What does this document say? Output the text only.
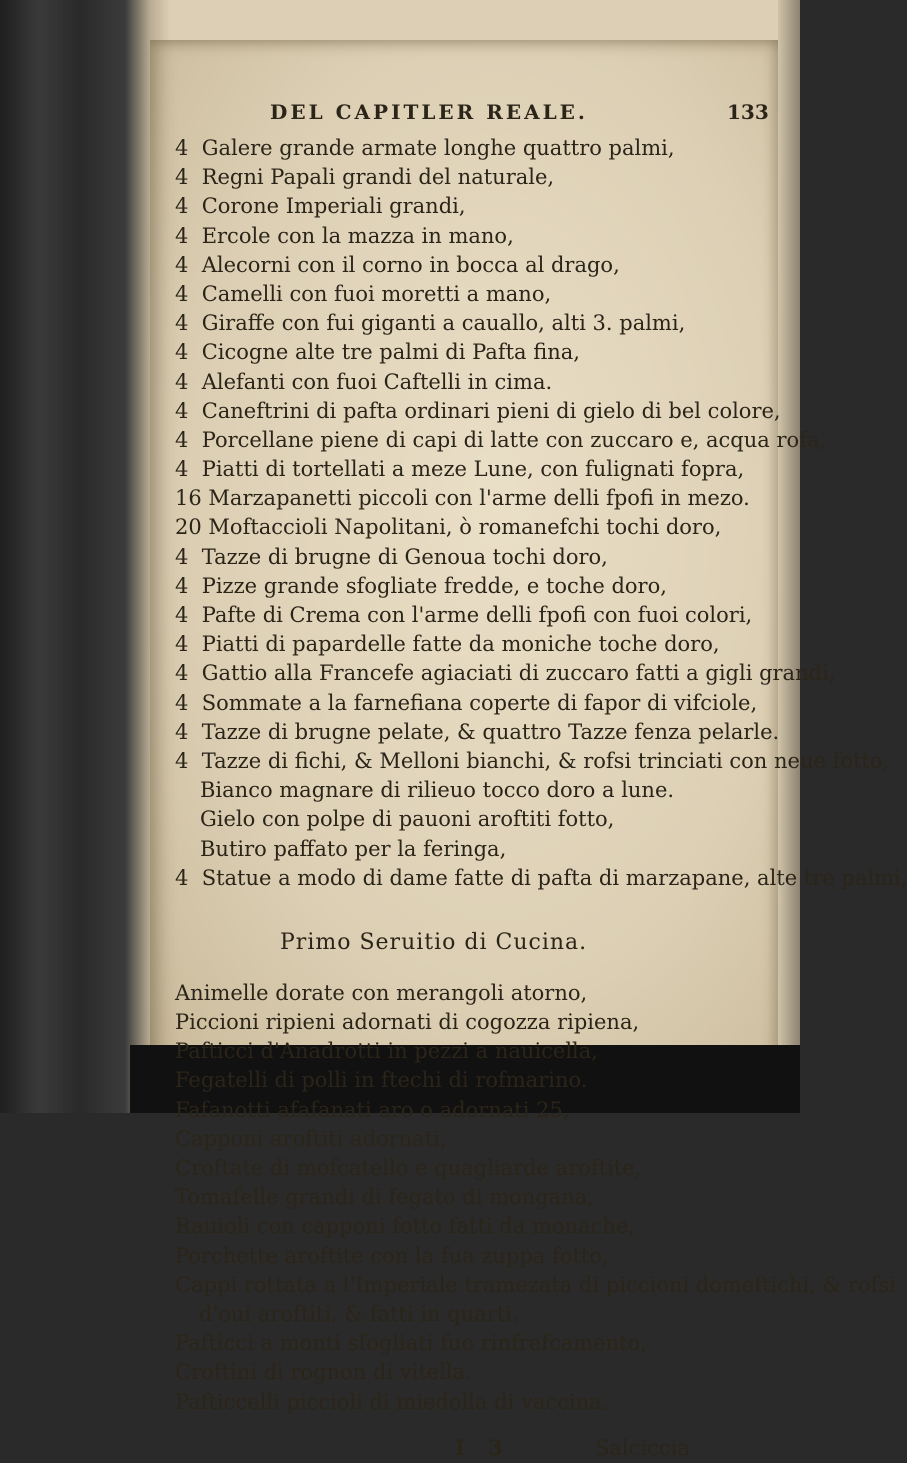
DEL CAPITLER REALE.	133
4 Galere grande armate longhe quattro palmi,
4 Regni Papali grandi del naturale,
4 Corone Imperiali grandi,
4 Ercole con la mazza in mano,
4 Alecorni con il corno in bocca al drago,
4 Camelli con fuoi moretti a mano,
4 Giraffe con fui giganti a cauallo, alti 3. palmi,
4 Cicogne alte tre palmi di Pafta fina,
4 Alefanti con fuoi Caftelli in cima.
4 Caneftrini di pafta ordinari pieni di gielo di bel colore,
4 Porcellane piene di capi di latte con zuccaro e, acqua rofa,
4 Piatti di tortellati a meze Lune, con fulignati fopra,
16 Marzapanetti piccoli con l'arme delli fpofi in mezo.
20 Moftaccioli Napolitani, ò romanefchi tochi doro,
4 Tazze di brugne di Genoua tochi doro,
4 Pizze grande sfogliate fredde, e toche doro,
4 Pafte di Crema con l'arme delli fpofi con fuoi colori,
4 Piatti di papardelle fatte da moniche toche doro,
4 Gattio alla Francefe agiaciati di zuccaro fatti a gigli grandi,
4 Sommate a la farnefiana coperte di fapor di vifciole,
4 Tazze di brugne pelate, & quattro Tazze fenza pelarle.
4 Tazze di fichi, & Melloni bianchi, & rofsi trinciati con neue fotto,
Bianco magnare di rilieuo tocco doro a lune.
Gielo con polpe di pauoni aroftiti fotto,
Butiro paffato per la feringa,
4 Statue a modo di dame fatte di pafta di marzapane, alte tre palmi,
Primo Seruitio di Cucina.
Animelle dorate con merangoli atorno,
Piccioni ripieni adornati di cogozza ripiena,
Pafticci d'Anadrotti in pezzi a nauicella,
Fegatelli di polli in ftechi di rofmarino.
Fafanotti afafanati aro o adornati 25,
Capponi aroftiti adornati,
Croftate di mofcatello e quagliarde aroftite,
Tomafelle grandi di fegato di mongana,
Rauioli con capponi fotto fatti da monache,
Porchette aroftite con la fua zuppa fotto,
Cappi rottata a l'Imperiale tramezata di piccioni domeftichi, & rofsi
d'oui aroftiti, & fatti in quarti.
Pafticci a monti sfogliati fuo rinfrefcamento,
Croftini di rognon di vitella.
Pafticcelli piccioli di miedolla di vaccina.
I 3	Salciccia
